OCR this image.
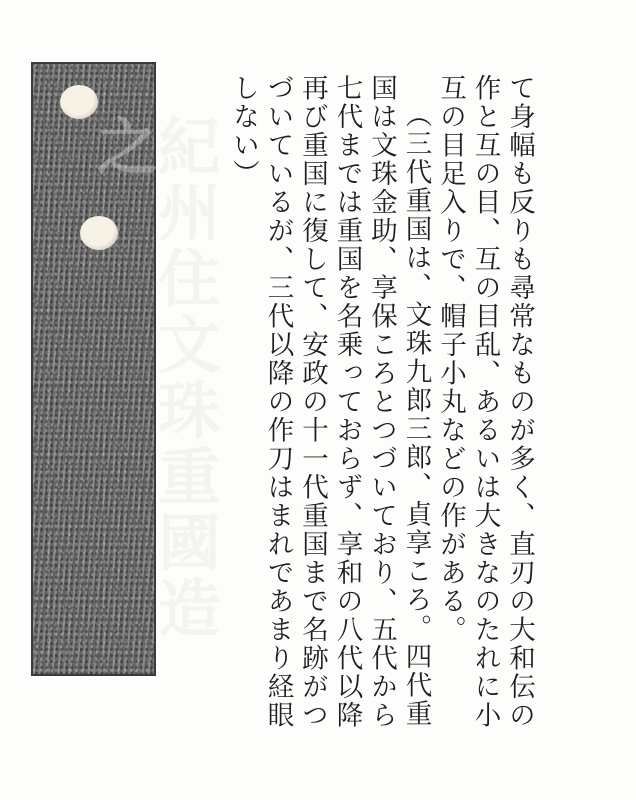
紀州住文珠重國造之	て身幅も反りも尋常なものが多く、直刃の大和伝の作と互の目、互の目乱、あるいは大きなのたれに小互の目足入りで、帽子小丸などの作がある。
（三代重国は、文珠九郎三郎、貞享ころ。四代重国は文珠金助、享保ころとつづいており、五代から七代までは重国を名乗っておらず、享和の八代以降再び重国に復して、安政の十一代重国まで名跡がつづいているが、三代以降の作刀はまれであまり経眼しない）
